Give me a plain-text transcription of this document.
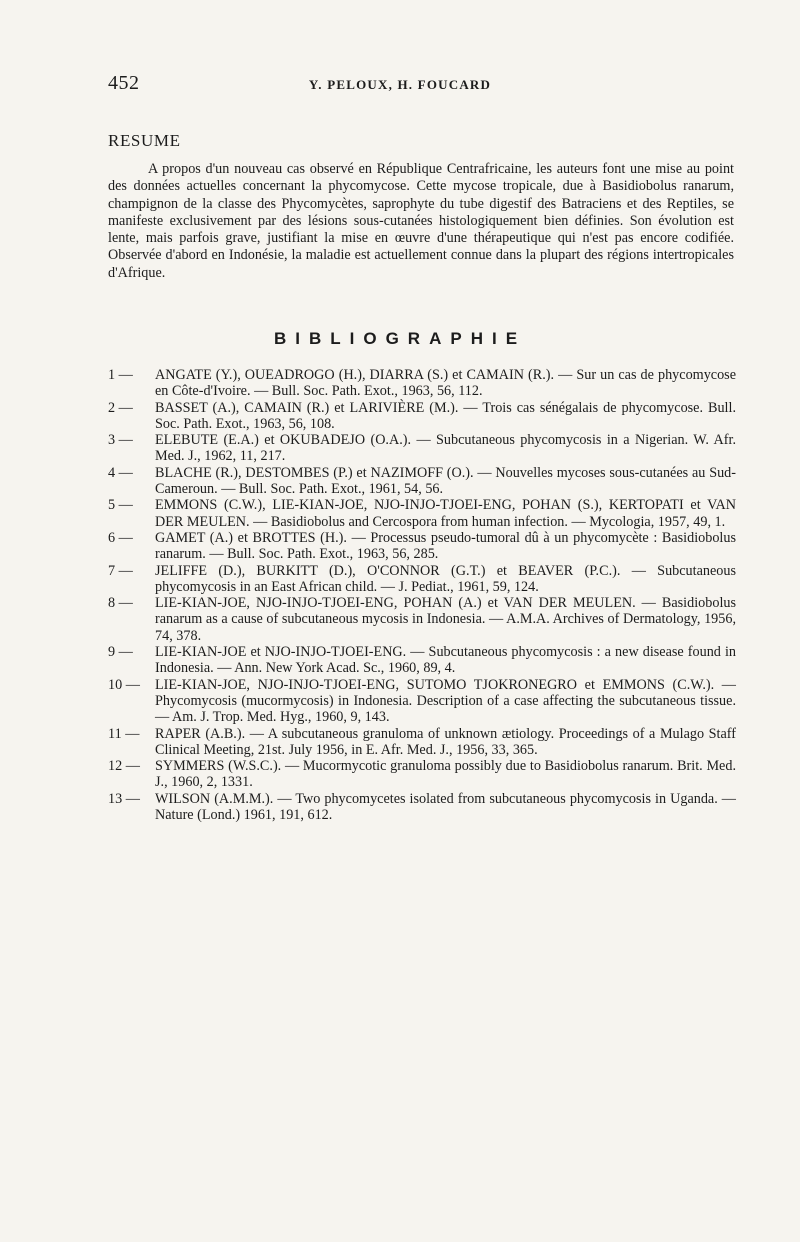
452	Y. PELOUX, H. FOUCARD
RESUME

A propos d'un nouveau cas observé en République Centrafricaine, les auteurs font une mise au point des données actuelles concernant la phycomycose. Cette mycose tropicale, due à Basidiobolus ranarum, champignon de la classe des Phycomycètes, saprophyte du tube digestif des Batraciens et des Reptiles, se manifeste exclusivement par des lésions sous-cutanées histologiquement bien définies. Son évolution est lente, mais parfois grave, justifiant la mise en œuvre d'une thérapeutique qui n'est pas encore codifiée. Observée d'abord en Indonésie, la maladie est actuellement connue dans la plupart des régions intertropicales d'Afrique.

BIBLIOGRAPHIE
1 —	ANGATE (Y.), OUEADROGO (H.), DIARRA (S.) et CAMAIN (R.). — Sur un cas de phycomycose en Côte-d'Ivoire. — Bull. Soc. Path. Exot., 1963, 56, 112.
2 —	BASSET (A.), CAMAIN (R.) et LARIVIÈRE (M.). — Trois cas sénégalais de phycomycose. Bull. Soc. Path. Exot., 1963, 56, 108.
3 —	ELEBUTE (E.A.) et OKUBADEJO (O.A.). — Subcutaneous phycomycosis in a Nigerian. W. Afr. Med. J., 1962, 11, 217.
4 —	BLACHE (R.), DESTOMBES (P.) et NAZIMOFF (O.). — Nouvelles mycoses sous-cutanées au Sud-Cameroun. — Bull. Soc. Path. Exot., 1961, 54, 56.
5 —	EMMONS (C.W.), LIE-KIAN-JOE, NJO-INJO-TJOEI-ENG, POHAN (S.), KERTOPATI et VAN DER MEULEN. — Basidiobolus and Cercospora from human infection. — Mycologia, 1957, 49, 1.
6 —	GAMET (A.) et BROTTES (H.). — Processus pseudo-tumoral dû à un phycomycète : Basidiobolus ranarum. — Bull. Soc. Path. Exot., 1963, 56, 285.
7 —	JELIFFE (D.), BURKITT (D.), O'CONNOR (G.T.) et BEAVER (P.C.). — Subcutaneous phycomycosis in an East African child. — J. Pediat., 1961, 59, 124.
8 —	LIE-KIAN-JOE, NJO-INJO-TJOEI-ENG, POHAN (A.) et VAN DER MEULEN. — Basidiobolus ranarum as a cause of subcutaneous mycosis in Indonesia. — A.M.A. Archives of Dermatology, 1956, 74, 378.
9 —	LIE-KIAN-JOE et NJO-INJO-TJOEI-ENG. — Subcutaneous phycomycosis : a new disease found in Indonesia. — Ann. New York Acad. Sc., 1960, 89, 4.
10 —	LIE-KIAN-JOE, NJO-INJO-TJOEI-ENG, SUTOMO TJOKRONEGRO et EMMONS (C.W.). — Phycomycosis (mucormycosis) in Indonesia. Description of a case affecting the subcutaneous tissue. — Am. J. Trop. Med. Hyg., 1960, 9, 143.
11 —	RAPER (A.B.). — A subcutaneous granuloma of unknown ætiology. Proceedings of a Mulago Staff Clinical Meeting, 21st. July 1956, in E. Afr. Med. J., 1956, 33, 365.
12 —	SYMMERS (W.S.C.). — Mucormycotic granuloma possibly due to Basidiobolus ranarum. Brit. Med. J., 1960, 2, 1331.
13 —	WILSON (A.M.M.). — Two phycomycetes isolated from subcutaneous phycomycosis in Uganda. — Nature (Lond.) 1961, 191, 612.
